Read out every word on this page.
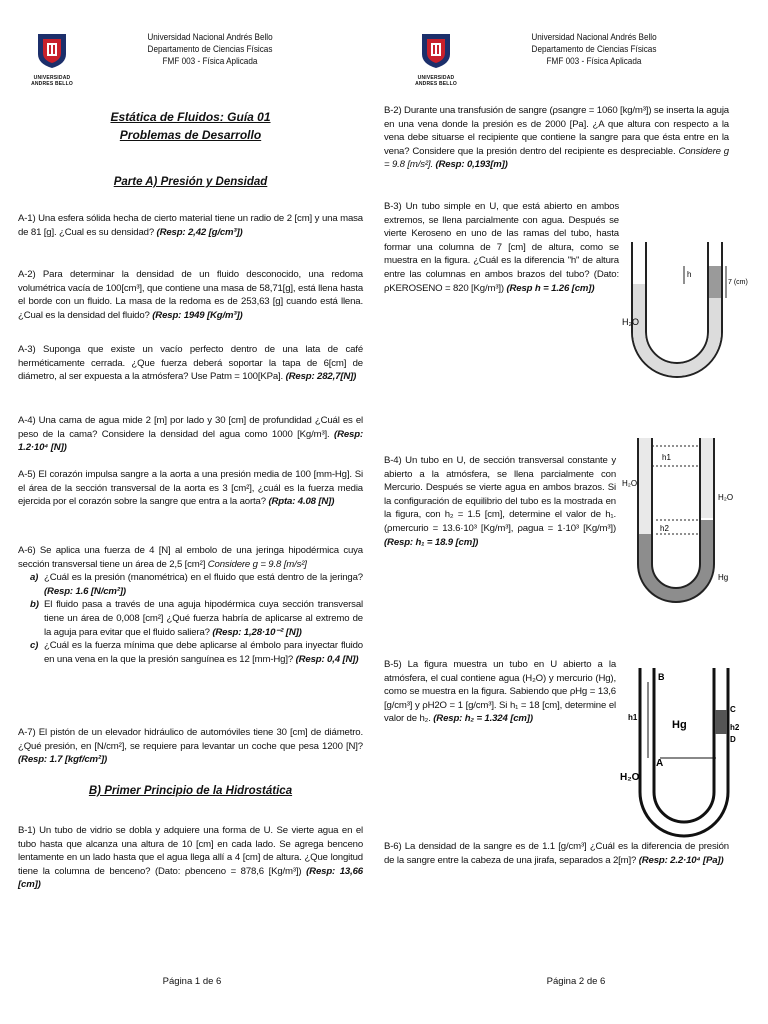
UNIVERSIDAD
ANDRES BELLO
Universidad Nacional Andrés Bello
Departamento de Ciencias Físicas
FMF 003 - Física Aplicada
Estática de Fluidos: Guía 01
Problemas de Desarrollo
Parte A) Presión y Densidad
A-1) Una esfera sólida hecha de cierto material tiene un radio de 2 [cm] y una masa de 81 [g]. ¿Cual es su densidad? (Resp: 2,42 [g/cm³])
A-2) Para determinar la densidad de un fluido desconocido, una redoma volumétrica vacía de 100[cm³], que contiene una masa de 58,71[g], está llena hasta el borde con un fluido. La masa de la redoma es de 253,63 [g] cuando está llena. ¿Cual es la densidad del fluido? (Resp: 1949 [Kg/m³])
A-3) Suponga que existe un vacío perfecto dentro de una lata de café herméticamente cerrada. ¿Que fuerza deberá soportar la tapa de 6[cm] de diámetro, al ser expuesta a la atmósfera? Use Patm = 100[KPa]. (Resp: 282,7[N])
A-4) Una cama de agua mide 2 [m] por lado y 30 [cm] de profundidad ¿Cuál es el peso de la cama? Considere la densidad del agua como 1000 [Kg/m³]. (Resp: 1.2·10⁴ [N])
A-5) El corazón impulsa sangre a la aorta a una presión media de 100 [mm-Hg]. Si el área de la sección transversal de la aorta es 3 [cm²], ¿cuál es la fuerza media ejercida por el corazón sobre la sangre que entra a la aorta? (Rpta: 4.08 [N])
A-6) Se aplica una fuerza de 4 [N] al embolo de una jeringa hipodérmica cuya sección transversal tiene un área de 2,5 [cm²] Considere g = 9.8 [m/s²]
a) ¿Cuál es la presión (manométrica) en el fluido que está dentro de la jeringa? (Resp: 1.6 [N/cm²])
b) El fluido pasa a través de una aguja hipodérmica cuya sección transversal tiene un área de 0,008 [cm²] ¿Qué fuerza habría de aplicarse al extremo de la aguja para evitar que el fluido saliera? (Resp: 1,28·10⁻² [N])
c) ¿Cuál es la fuerza mínima que debe aplicarse al émbolo para inyectar fluido en una vena en la que la presión sanguínea es 12 [mm-Hg]? (Resp: 0,4 [N])
A-7) El pistón de un elevador hidráulico de automóviles tiene 30 [cm] de diámetro. ¿Qué presión, en [N/cm²], se requiere para levantar un coche que pesa 1200 [N]? (Resp: 1.7 [kgf/cm²])
B) Primer Principio de la Hidrostática
B-1) Un tubo de vidrio se dobla y adquiere una forma de U. Se vierte agua en el tubo hasta que alcanza una altura de 10 [cm] en cada lado. Se agrega benceno lentamente en un lado hasta que el agua llega allí a 4 [cm] de altura. ¿Que longitud tiene la columna de benceno? (Dato: ρbenceno = 878,6 [Kg/m³]) (Resp: 13,66 [cm])
Página 1 de 6
UNIVERSIDAD
ANDRES BELLO
Universidad Nacional Andrés Bello
Departamento de Ciencias Físicas
FMF 003 - Física Aplicada
B-2) Durante una transfusión de sangre (ρsangre = 1060 [kg/m³]) se inserta la aguja en una vena donde la presión es de 2000 [Pa]. ¿A que altura con respecto a la vena debe situarse el recipiente que contiene la sangre para que ésta entre en la vena? Considere que la presión dentro del recipiente es despreciable. Considere g = 9.8 [m/s²]. (Resp: 0,193[m])
B-3) Un tubo simple en U, que está abierto en ambos extremos, se llena parcialmente con agua. Después se vierte Keroseno en uno de las ramas del tubo, hasta formar una columna de 7 [cm] de altura, como se muestra en la figura. ¿Cuál es la diferencia "h" de altura entre las columnas en ambos brazos del tubo? (Dato: ρKEROSENO = 820 [Kg/m³]) (Resp h = 1.26 [cm])
h
7 (cm)
H₂O
B-4) Un tubo en U, de sección transversal constante y abierto a la atmósfera, se llena parcialmente con Mercurio. Después se vierte agua en ambos brazos. Si la configuración de equilibrio del tubo es la mostrada en la figura, con h₂ = 1.5 [cm], determine el valor de h₁. (ρmercurio = 13.6·10³ [Kg/m³], ρagua = 1·10³ [Kg/m³]) (Resp: h₁ = 18.9 [cm])
h1
h2
H₂O
H₂O
Hg
B-5) La figura muestra un tubo en U abierto a la atmósfera, el cual contiene agua (H₂O) y mercurio (Hg), como se muestra en la figura. Sabiendo que ρHg = 13,6 [g/cm³] y ρH2O = 1 [g/cm³]. Si h₁ = 18 [cm], determine el valor de h₂. (Resp: h₂ = 1.324 [cm])
B
C
D
A
h1
h2
Hg
H₂O
B-6) La densidad de la sangre es de 1.1 [g/cm³] ¿Cuál es la diferencia de presión de la sangre entre la cabeza de una jirafa, separados a 2[m]? (Resp: 2.2·10⁴ [Pa])
Página 2 de 6
